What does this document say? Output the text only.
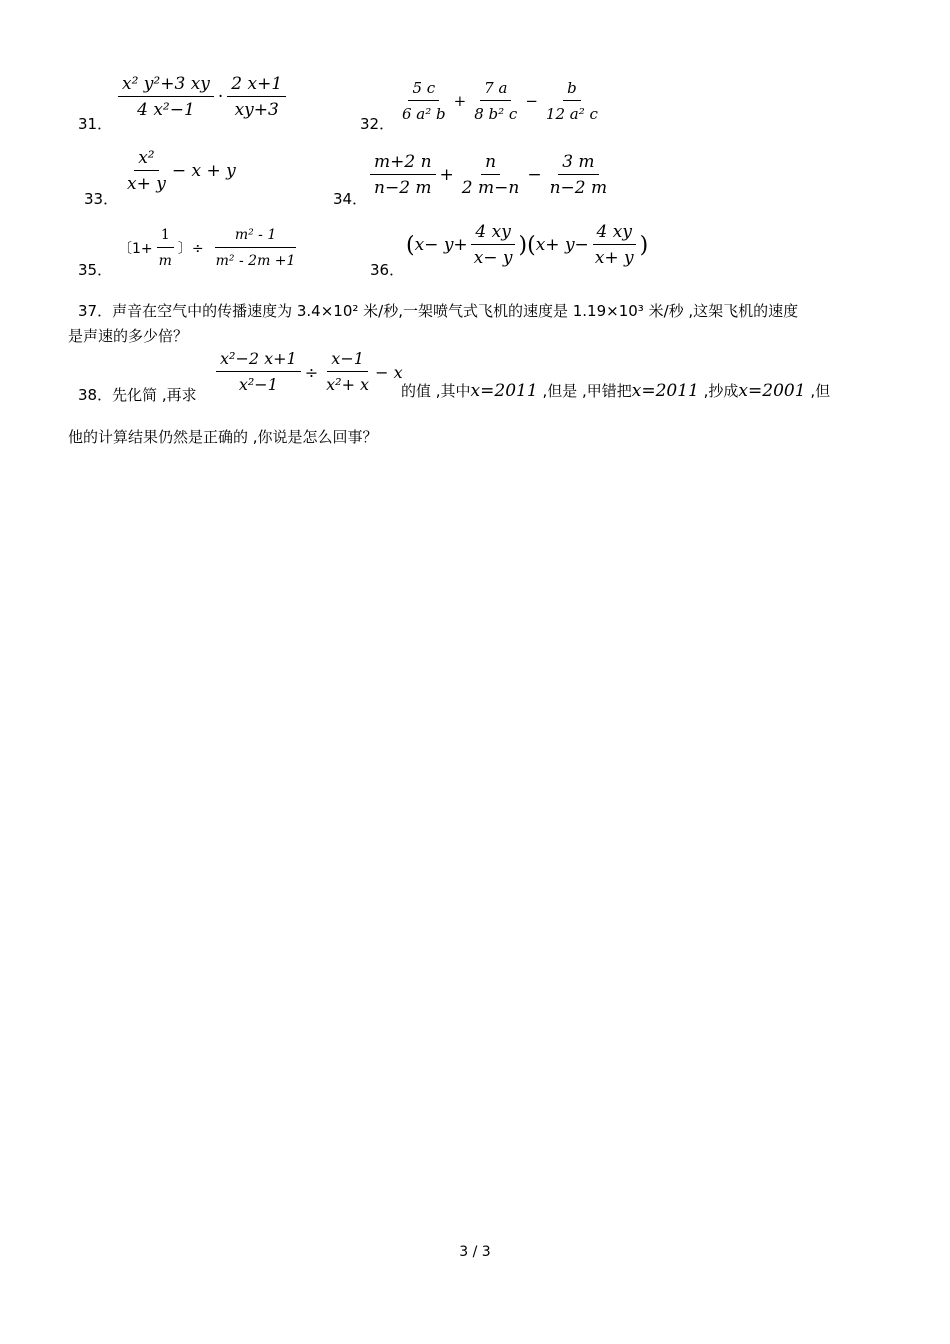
31．
$\frac{\text{x² y²+3 xy}}{\text{4 x²−1}} \cdot \frac{2 x+1}{xy+3}$
32． $\frac{5 c}{\text{6 a² b}} + \frac{7 a}{\text{8 b² c}} - \frac{b}{\text{12 a² c}}$
33．
$\frac{\text{x²}}{x+ y} - x + y$
34．
$\frac{m+2 n}{n-2 m} + \frac{n}{2 m-n} - \frac{3 m}{n-2 m}$
35．
〔$1+ \frac{1}{m}$ 〕÷ $\frac{\text{m² - 1}}{\text{m² - 2m +1}}$	36．
( $x- y+ \frac{4 xy}{x- y}$ ) ( $x+ y- \frac{4 xy}{x+ y}$ )
37．声音在空气中的传播速度为 3.4×10² 米/秒,一架喷气式飞机的速度是 1.19×10³ 米/秒 ,这架飞机的速度
是声速的多少倍？
38．先化简 ,再求 $\frac{\text{x²−2 x+1}}{\text{x²−1}} \div \frac{x-1}{\text{x²+ x}} - x$
的值 ,其中x=2011 ,但是 ,甲错把x=2011 ,抄成x=2001 ,但
他的计算结果仍然是正确的 ,你说是怎么回事？
3 / 3
